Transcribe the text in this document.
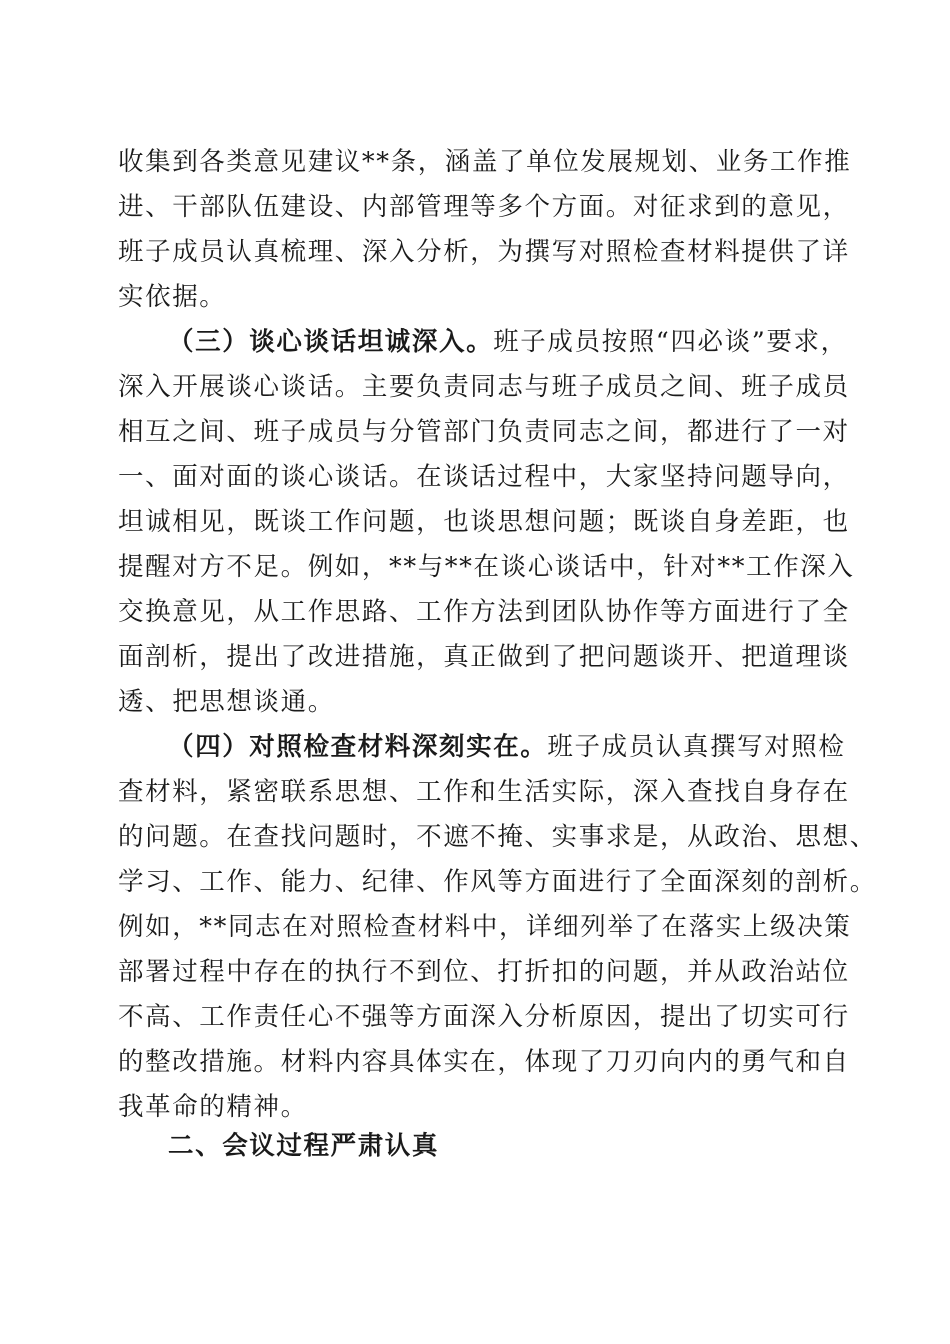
收集到各类意见建议**条，涵盖了单位发展规划、业务工作推
进、干部队伍建设、内部管理等多个方面。对征求到的意见，
班子成员认真梳理、深入分析，为撰写对照检查材料提供了详
实依据。
（三）谈心谈话坦诚深入。班子成员按照“四必谈”要求，
深入开展谈心谈话。主要负责同志与班子成员之间、班子成员
相互之间、班子成员与分管部门负责同志之间，都进行了一对
一、面对面的谈心谈话。在谈话过程中，大家坚持问题导向，
坦诚相见，既谈工作问题，也谈思想问题；既谈自身差距，也
提醒对方不足。例如，**与**在谈心谈话中，针对**工作深入
交换意见，从工作思路、工作方法到团队协作等方面进行了全
面剖析，提出了改进措施，真正做到了把问题谈开、把道理谈
透、把思想谈通。
（四）对照检查材料深刻实在。班子成员认真撰写对照检
查材料，紧密联系思想、工作和生活实际，深入查找自身存在
的问题。在查找问题时，不遮不掩、实事求是，从政治、思想、
学习、工作、能力、纪律、作风等方面进行了全面深刻的剖析。
例如，**同志在对照检查材料中，详细列举了在落实上级决策
部署过程中存在的执行不到位、打折扣的问题，并从政治站位
不高、工作责任心不强等方面深入分析原因，提出了切实可行
的整改措施。材料内容具体实在，体现了刀刃向内的勇气和自
我革命的精神。
二、会议过程严肃认真
